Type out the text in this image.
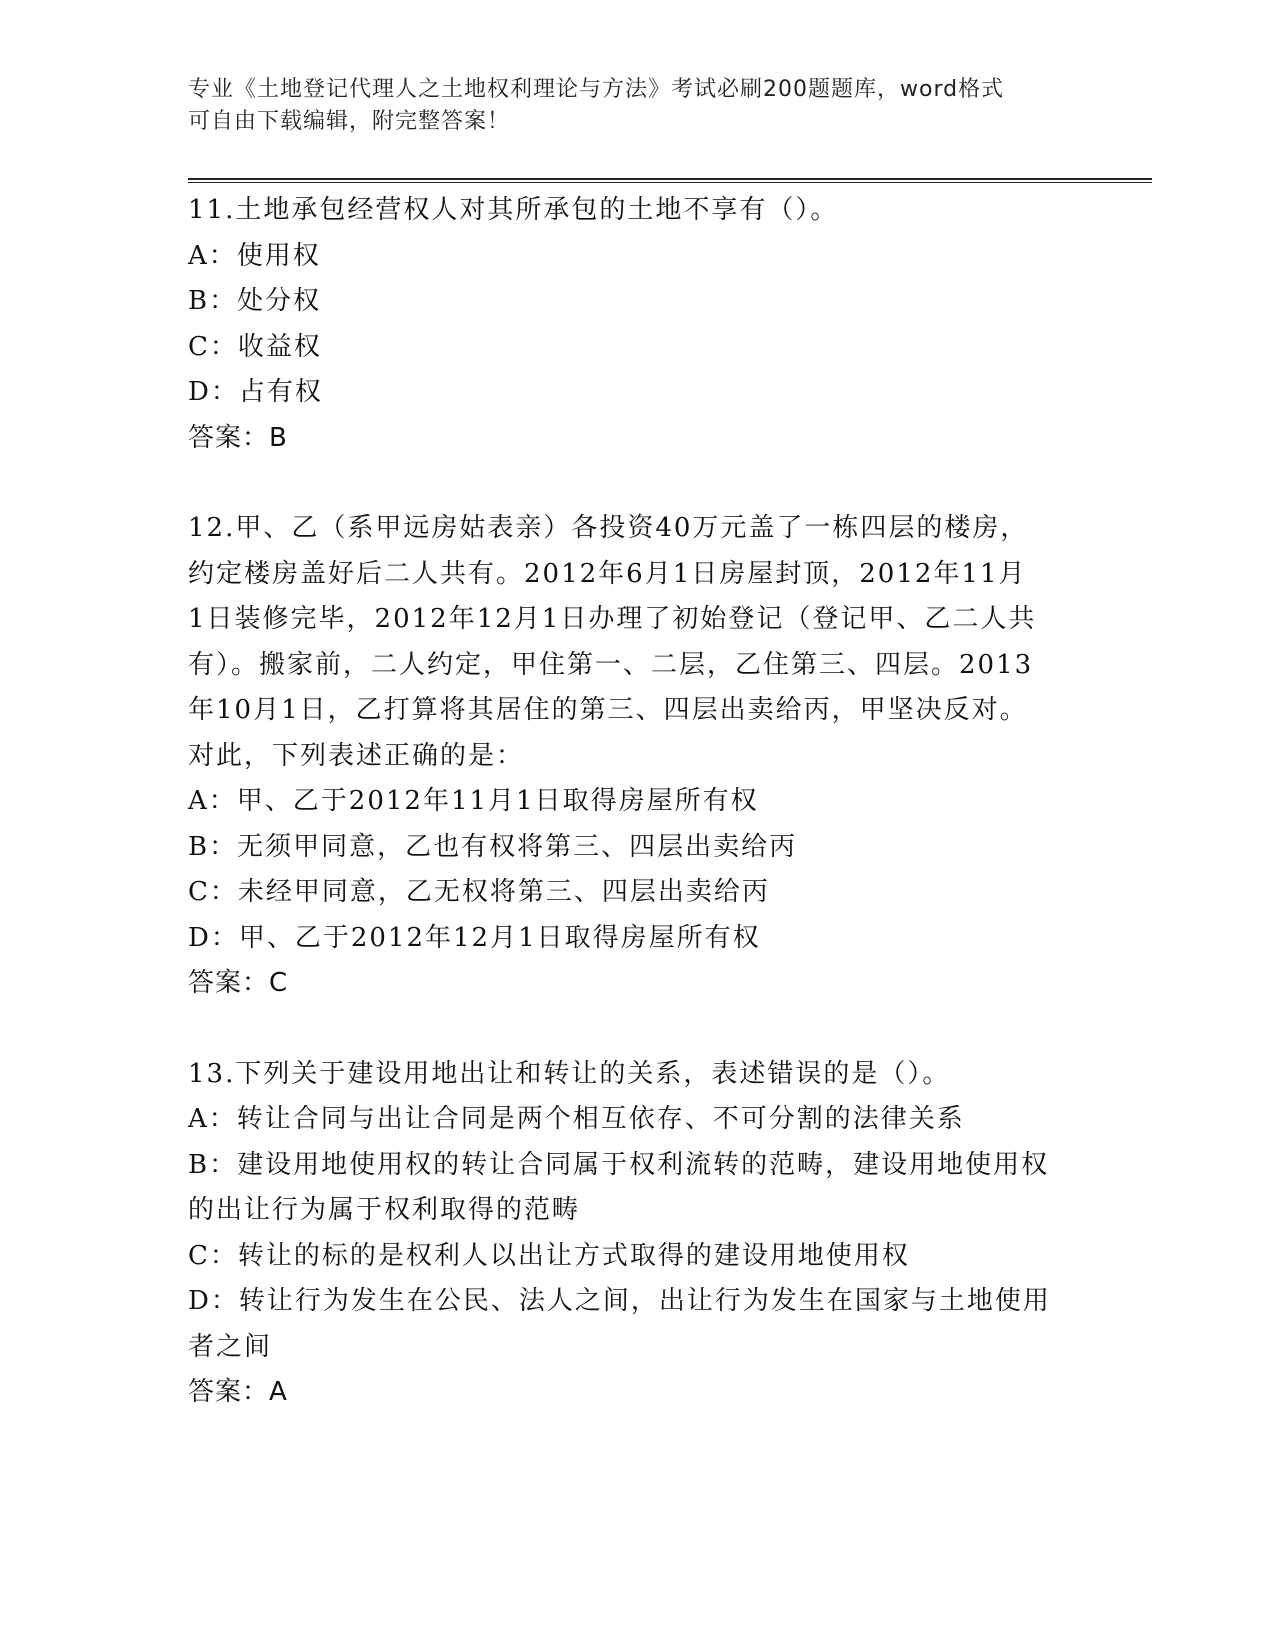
专业《土地登记代理人之土地权利理论与方法》考试必刷200题题库，word格式
可自由下载编辑，附完整答案！

11.土地承包经营权人对其所承包的土地不享有（）。

A：使用权

B：处分权

C：收益权

D：占有权

答案：B

12.甲、乙（系甲远房姑表亲）各投资40万元盖了一栋四层的楼房，

约定楼房盖好后二人共有。2012年6月1日房屋封顶，2012年11月

1日装修完毕，2012年12月1日办理了初始登记（登记甲、乙二人共

有）。搬家前，二人约定，甲住第一、二层，乙住第三、四层。2013

年10月1日，乙打算将其居住的第三、四层出卖给丙，甲坚决反对。

对此，下列表述正确的是：

A：甲、乙于2012年11月1日取得房屋所有权

B：无须甲同意，乙也有权将第三、四层出卖给丙

C：未经甲同意，乙无权将第三、四层出卖给丙

D：甲、乙于2012年12月1日取得房屋所有权

答案：C

13.下列关于建设用地出让和转让的关系，表述错误的是（）。

A：转让合同与出让合同是两个相互依存、不可分割的法律关系

B：建设用地使用权的转让合同属于权利流转的范畴，建设用地使用权

的出让行为属于权利取得的范畴

C：转让的标的是权利人以出让方式取得的建设用地使用权

D：转让行为发生在公民、法人之间，出让行为发生在国家与土地使用

者之间

答案：A
